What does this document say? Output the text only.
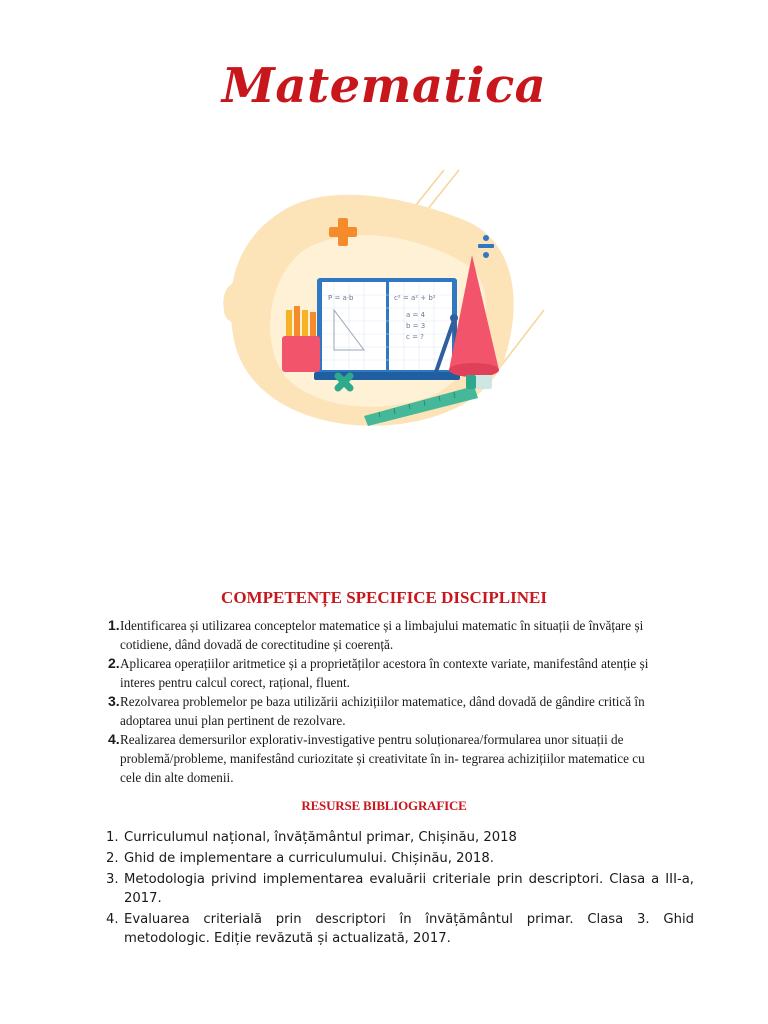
Matematica
P = a·b	c² = a² + b²
a = 4
b = 3
c = ?
COMPETENȚE SPECIFICE DISCIPLINEI
1. Identificarea și utilizarea conceptelor matematice și a limbajului matematic în situații de învățare și cotidiene, dând dovadă de corectitudine și coerență.
2. Aplicarea operațiilor aritmetice și a proprietăților acestora în contexte variate, manifestând atenție și interes pentru calcul corect, rațional, fluent.
3. Rezolvarea problemelor pe baza utilizării achizițiilor matematice, dând dovadă de gândire critică în adoptarea unui plan pertinent de rezolvare.
4. Realizarea demersurilor explorativ-investigative pentru soluționarea/formularea unor situații de problemă/probleme, manifestând curiozitate și creativitate în in- tegrarea achizițiilor matematice cu cele din alte domenii.
RESURSE BIBLIOGRAFICE
1. Curriculumul național, învățământul primar, Chișinău, 2018
2. Ghid de implementare a curriculumului. Chișinău, 2018.
3. Metodologia privind implementarea evaluării criteriale prin descriptori. Clasa a III-a, 2017.
4. Evaluarea criterială prin descriptori în învățământul primar. Clasa 3. Ghid metodologic. Ediție revăzută și actualizată, 2017.
